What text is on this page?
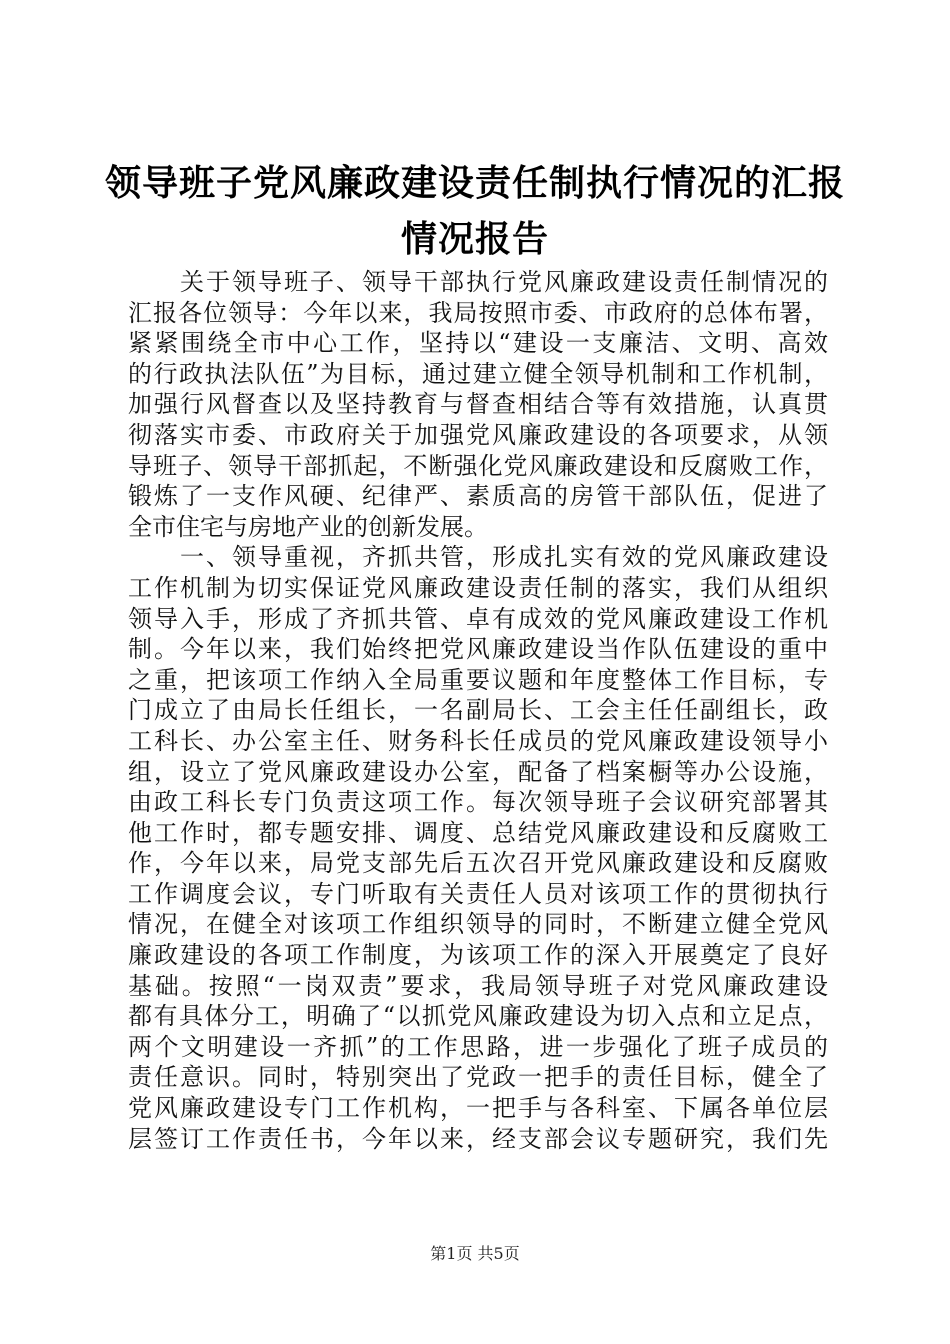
领导班子党风廉政建设责任制执行情况的汇报
情况报告
　　关于领导班子、领导干部执行党风廉政建设责任制情况的
汇报各位领导：今年以来，我局按照市委、市政府的总体布署，
紧紧围绕全市中心工作，坚持以“建设一支廉洁、文明、高效
的行政执法队伍”为目标，通过建立健全领导机制和工作机制，
加强行风督查以及坚持教育与督查相结合等有效措施，认真贯
彻落实市委、市政府关于加强党风廉政建设的各项要求，从领
导班子、领导干部抓起，不断强化党风廉政建设和反腐败工作，
锻炼了一支作风硬、纪律严、素质高的房管干部队伍，促进了
全市住宅与房地产业的创新发展。
　　一、领导重视，齐抓共管，形成扎实有效的党风廉政建设
工作机制为切实保证党风廉政建设责任制的落实，我们从组织
领导入手，形成了齐抓共管、卓有成效的党风廉政建设工作机
制。今年以来，我们始终把党风廉政建设当作队伍建设的重中
之重，把该项工作纳入全局重要议题和年度整体工作目标，专
门成立了由局长任组长，一名副局长、工会主任任副组长，政
工科长、办公室主任、财务科长任成员的党风廉政建设领导小
组，设立了党风廉政建设办公室，配备了档案橱等办公设施，
由政工科长专门负责这项工作。每次领导班子会议研究部署其
他工作时，都专题安排、调度、总结党风廉政建设和反腐败工
作，今年以来，局党支部先后五次召开党风廉政建设和反腐败
工作调度会议，专门听取有关责任人员对该项工作的贯彻执行
情况，在健全对该项工作组织领导的同时，不断建立健全党风
廉政建设的各项工作制度，为该项工作的深入开展奠定了良好
基础。按照“一岗双责”要求，我局领导班子对党风廉政建设
都有具体分工，明确了“以抓党风廉政建设为切入点和立足点，
两个文明建设一齐抓”的工作思路，进一步强化了班子成员的
责任意识。同时，特别突出了党政一把手的责任目标，健全了
党风廉政建设专门工作机构，一把手与各科室、下属各单位层
层签订工作责任书，今年以来，经支部会议专题研究，我们先
第1页 共5页
